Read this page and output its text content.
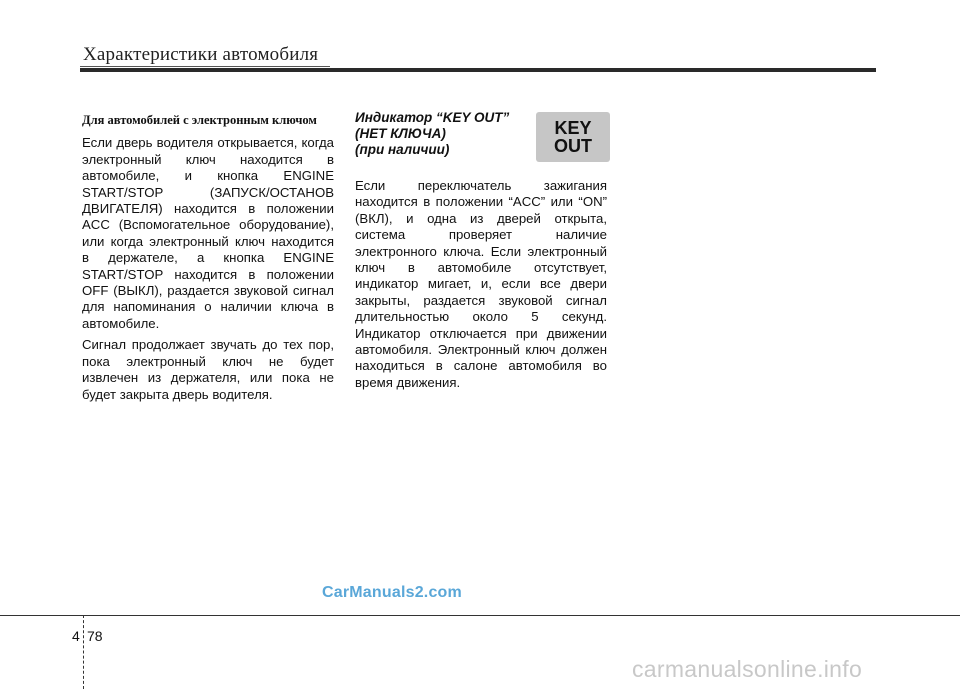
Характеристики автомобиля
Для автомобилей с электронным ключом

Если дверь водителя открывается, когда электронный ключ находится в автомобиле, и кнопка ENGINE START/STOP (ЗАПУСК/ОСТАНОВ ДВИГАТЕЛЯ) находится в положении ACC (Вспомогательное оборудование), или когда электронный ключ находится в держателе, а кнопка ENGINE START/STOP находится в положении OFF (ВЫКЛ), раздается звуковой сигнал для напоминания о наличии ключа в автомобиле.

Сигнал продолжает звучать до тех пор, пока электронный ключ не будет извлечен из держателя, или пока не будет закрыта дверь водителя.

Индикатор “KEY OUT”
(НЕТ КЛЮЧА)
(при наличии)

Если переключатель зажигания находится в положении “ACC” или “ON” (ВКЛ), и одна из дверей открыта, система проверяет наличие электронного ключа. Если электронный ключ в автомобиле отсутствует, индикатор мигает, и, если все двери закрыты, раздается звуковой сигнал длительностью около 5 секунд. Индикатор отключается при движении автомобиля. Электронный ключ должен находиться в салоне автомобиля во время движения.

KEY
OUT
CarManuals2.com
4 78
carmanualsonline.info
